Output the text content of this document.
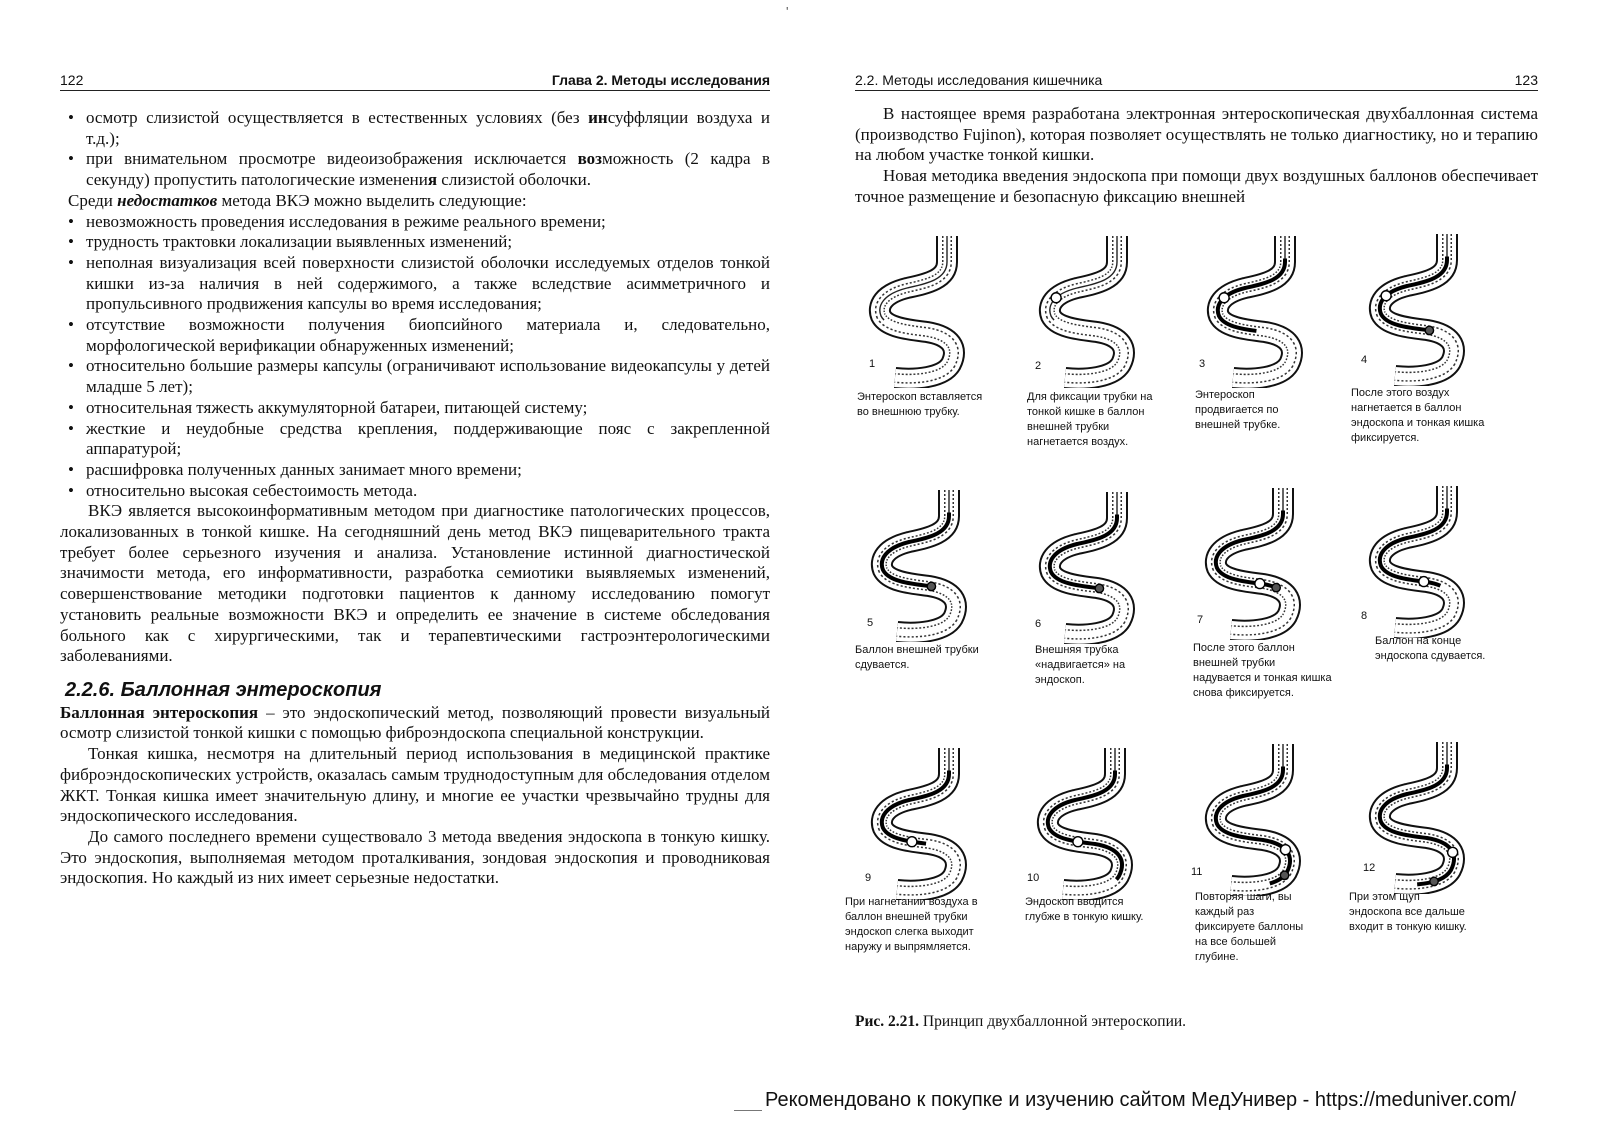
'
122	Глава 2. Методы исследования
• осмотр слизистой осуществляется в естественных условиях (без инсуффляции воздуха и т.д.);
• при внимательном просмотре видеоизображения исключается возможность (2 кадра в секунду) пропустить патологические изменения слизистой оболочки.

Среди недостатков метода ВКЭ можно выделить следующие:

• невозможность проведения исследования в режиме реального времени;
• трудность трактовки локализации выявленных изменений;
• неполная визуализация всей поверхности слизистой оболочки исследуемых отделов тонкой кишки из-за наличия в ней содержимого, а также вследствие асимметричного и пропульсивного продвижения капсулы во время исследования;
• отсутствие возможности получения биопсийного материала и, следовательно, морфологической верификации обнаруженных изменений;
• относительно большие размеры капсулы (ограничивают использование видеокапсулы у детей младше 5 лет);
• относительная тяжесть аккумуляторной батареи, питающей систему;
• жесткие и неудобные средства крепления, поддерживающие пояс с закрепленной аппаратурой;
• расшифровка полученных данных занимает много времени;
• относительно высокая себестоимость метода.

ВКЭ является высокоинформативным методом при диагностике патологических процессов, локализованных в тонкой кишке. На сегодняшний день метод ВКЭ пищеварительного тракта требует более серьезного изучения и анализа. Установление истинной диагностической значимости метода, его информативности, разработка семиотики выявляемых изменений, совершенствование методики подготовки пациентов к данному исследованию помогут установить реальные возможности ВКЭ и определить ее значение в системе обследования больного как с хирургическими, так и терапевтическими гастроэнтерологическими заболеваниями.

2.2.6. Баллонная энтероскопия

Баллонная энтероскопия – это эндоскопический метод, позволяющий провести визуальный осмотр слизистой тонкой кишки с помощью фиброэндоскопа специальной конструкции.

Тонкая кишка, несмотря на длительный период использования в медицинской практике фиброэндоскопических устройств, оказалась самым труднодоступным для обследования отделом ЖКТ. Тонкая кишка имеет значительную длину, и многие ее участки чрезвычайно трудны для эндоскопического исследования.

До самого последнего времени существовало 3 метода введения эндоскопа в тонкую кишку. Это эндоскопия, выполняемая методом проталкивания, зондовая эндоскопия и проводниковая эндоскопия. Но каждый из них имеет серьезные недостатки.

2.2. Методы исследования кишечника	123

В настоящее время разработана электронная энтероскопическая двухбаллонная система (производство Fujinon), которая позволяет осуществлять не только диагностику, но и терапию на любом участке тонкой кишки.

Новая методика введения эндоскопа при помощи двух воздушных баллонов обеспечивает точное размещение и безопасную фиксацию внешней

1	2	3	4
Энтероскоп вставляется во внешнюю трубку.
Для фиксации трубки на тонкой кишке в баллон внешней трубки нагнетается воздух.
Энтероскоп продвигается по внешней трубке.
После этого воздух нагнетается в баллон эндоскопа и тонкая кишка фиксируется.
5	6	7	8
Баллон внешней трубки сдувается.
Внешняя трубка «надвигается» на эндоскоп.
После этого баллон внешней трубки надувается и тонкая кишка снова фиксируется.
Баллон на конце эндоскопа сдувается.
9	10	11	12
При нагнетании воздуха в баллон внешней трубки эндоскоп слегка выходит наружу и выпрямляется.
Эндоскоп вводится глубже в тонкую кишку.
Повторяя шаги, вы каждый раз фиксируете баллоны на все большей глубине.
При этом щуп эндоскопа все дальше входит в тонкую кишку.
Рис. 2.21. Принцип двухбаллонной энтероскопии.
Рекомендовано к покупке и изучению сайтом МедУнивер - https://meduniver.com/
